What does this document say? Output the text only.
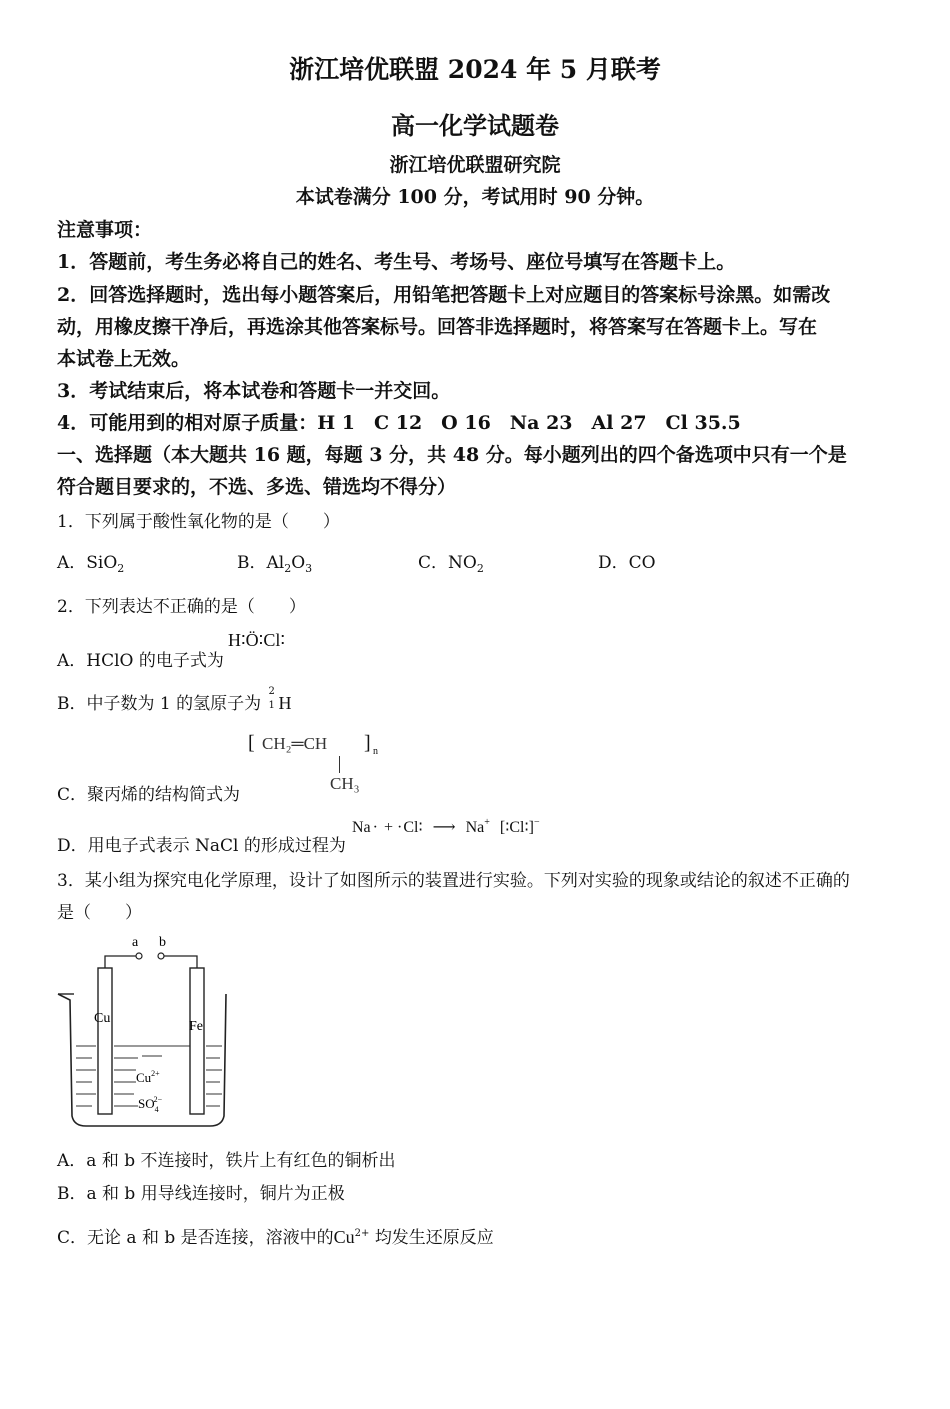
浙江培优联盟 2024 年 5 月联考
高一化学试题卷
浙江培优联盟研究院
本试卷满分 100 分，考试用时 90 分钟。
注意事项：
1．答题前，考生务必将自己的姓名、考生号、考场号、座位号填写在答题卡上。
2．回答选择题时，选出每小题答案后，用铅笔把答题卡上对应题目的答案标号涂黑。如需改
动，用橡皮擦干净后，再选涂其他答案标号。回答非选择题时，将答案写在答题卡上。写在
本试卷上无效。
3．考试结束后，将本试卷和答题卡一并交回。
4．可能用到的相对原子质量：H 1　C 12　O 16　Na 23　Al 27　Cl 35.5
一、选择题（本大题共 16 题，每题 3 分，共 48 分。每小题列出的四个备选项中只有一个是
符合题目要求的，不选、多选、错选均不得分）
1．下列属于酸性氧化物的是（　　）
A．SiO$_2$	B．$Al_2O_3$	C．$NO_2$	D．CO
2．下列表达不正确的是（　　）
A．HClO 的电子式为
H∶Ö∶Cl∶
B．中子数为 1 的氢原子为
2
1 H
[ CH₂═CH ] n
CH₃
C．聚丙烯的结构简式为
D．用电子式表示 NaCl 的形成过程为
Na · + ·Cl∶ ⟶ Na+ [∶Cl∶]−
3．某小组为探究电化学原理，设计了如图所示的装置进行实验。下列对实验的现象或结论的叙述不正确的
是（　　）
a b
Cu
Fe
$Cu^{2+}$
$SO_42-$
A．a 和 b 不连接时，铁片上有红色的铜析出
B．a 和 b 用导线连接时，铜片为正极
C．无论 a 和 b 是否连接，溶液中的$Cu^{2+}$ 均发生还原反应
